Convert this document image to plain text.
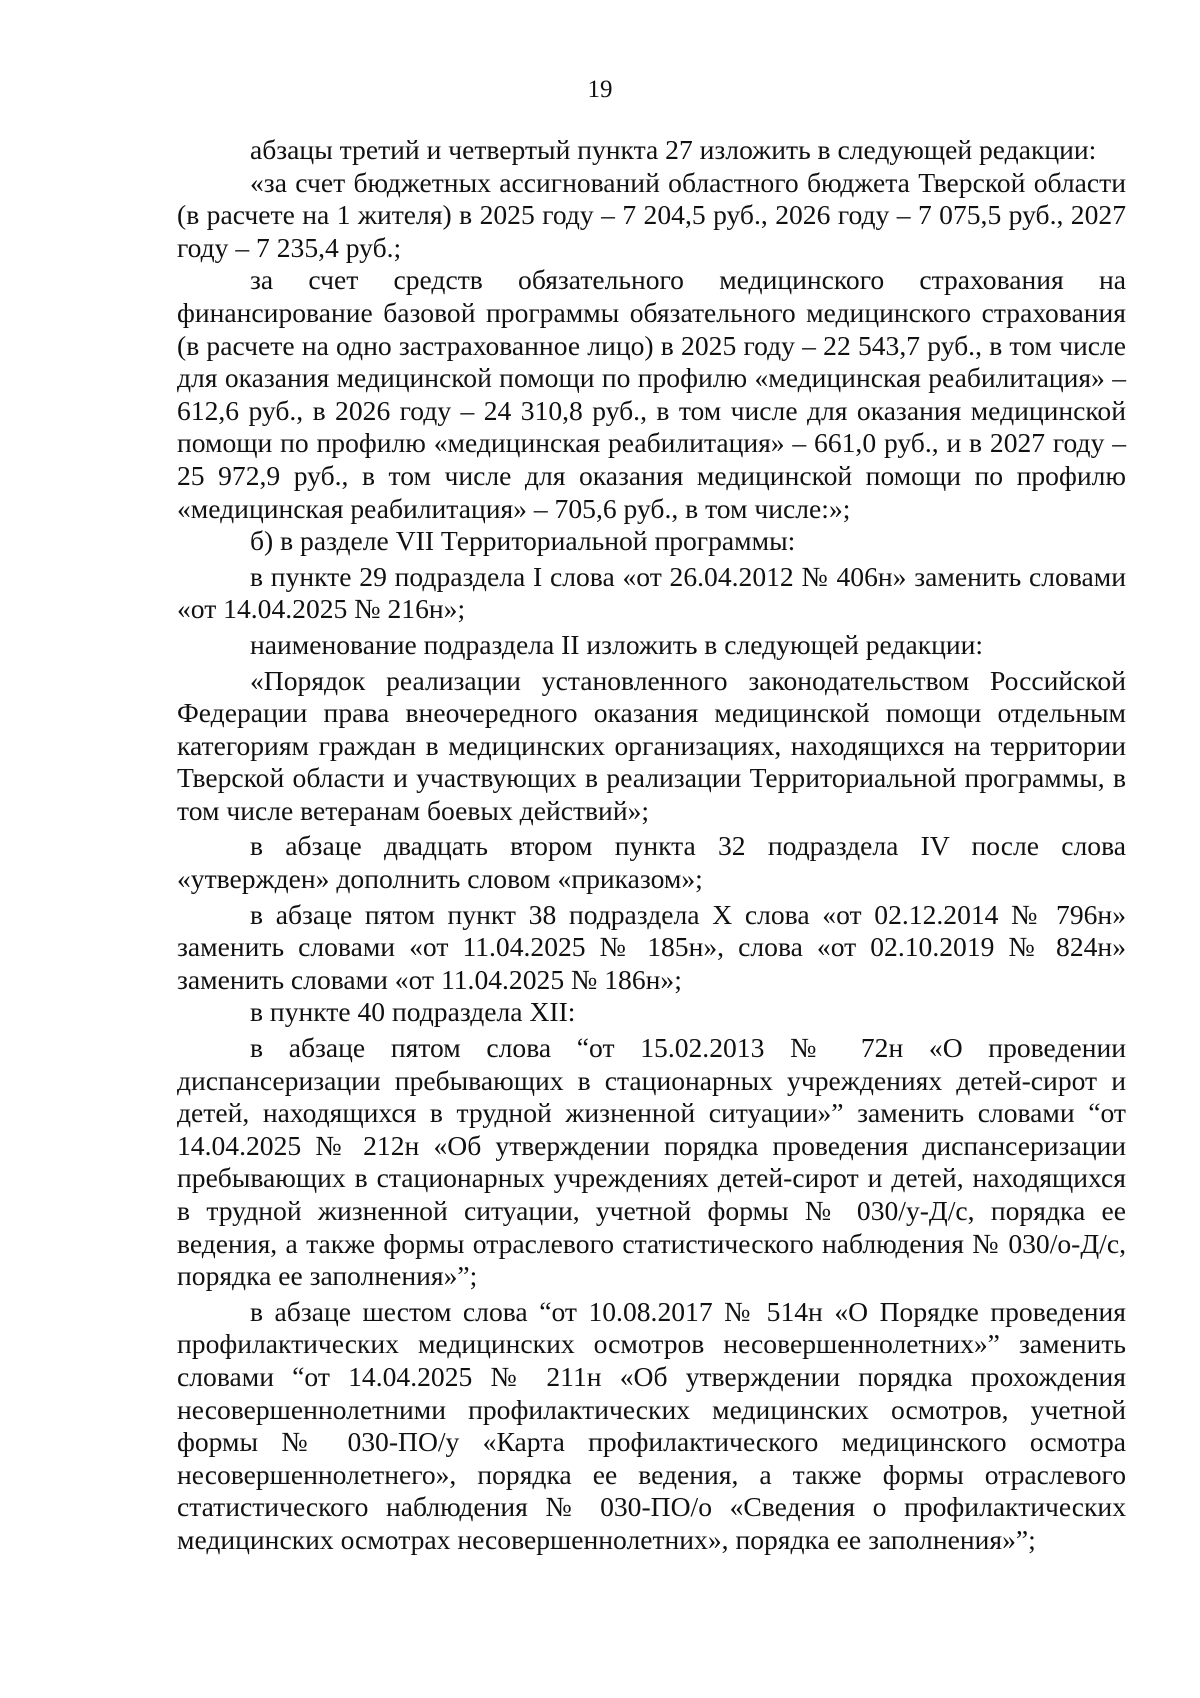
19

абзацы третий и четвертый пункта 27 изложить в следующей редакции:

«за счет бюджетных ассигнований областного бюджета Тверской области (в расчете на 1 жителя) в 2025 году – 7 204,5 руб., 2026 году – 7 075,5 руб., 2027 году – 7 235,4 руб.;

за счет средств обязательного медицинского страхования на финансирование базовой программы обязательного медицинского страхования (в расчете на одно застрахованное лицо) в 2025 году – 22 543,7 руб., в том числе для оказания медицинской помощи по профилю «медицинская реабилитация» – 612,6 руб., в 2026 году – 24 310,8 руб., в том числе для оказания медицинской помощи по профилю «медицинская реабилитация» – 661,0 руб., и в 2027 году – 25 972,9 руб., в том числе для оказания медицинской помощи по профилю «медицинская реабилитация» – 705,6 руб., в том числе:»;

б) в разделе VII Территориальной программы:

в пункте 29 подраздела I слова «от 26.04.2012 № 406н» заменить словами «от 14.04.2025 № 216н»;

наименование подраздела II изложить в следующей редакции:

«Порядок реализации установленного законодательством Российской Федерации права внеочередного оказания медицинской помощи отдельным категориям граждан в медицинских организациях, находящихся на территории Тверской области и участвующих в реализации Территориальной программы, в том числе ветеранам боевых действий»;

в абзаце двадцать втором пункта 32 подраздела IV после слова «утвержден» дополнить словом «приказом»;

в абзаце пятом пункт 38 подраздела X слова «от 02.12.2014 № 796н» заменить словами «от 11.04.2025 № 185н», слова «от 02.10.2019 № 824н» заменить словами «от 11.04.2025 № 186н»;

в пункте 40 подраздела XII:

в абзаце пятом слова “от 15.02.2013 № 72н «О проведении диспансеризации пребывающих в стационарных учреждениях детей-сирот и детей, находящихся в трудной жизненной ситуации»” заменить словами “от 14.04.2025 № 212н «Об утверждении порядка проведения диспансеризации пребывающих в стационарных учреждениях детей-сирот и детей, находящихся в трудной жизненной ситуации, учетной формы № 030/у-Д/с, порядка ее ведения, а также формы отраслевого статистического наблюдения № 030/о-Д/с, порядка ее заполнения»”;

в абзаце шестом слова “от 10.08.2017 № 514н «О Порядке проведения профилактических медицинских осмотров несовершеннолетних»” заменить словами “от 14.04.2025 № 211н «Об утверждении порядка прохождения несовершеннолетними профилактических медицинских осмотров, учетной формы № 030-ПО/у «Карта профилактического медицинского осмотра несовершеннолетнего», порядка ее ведения, а также формы отраслевого статистического наблюдения № 030-ПО/о «Сведения о профилактических медицинских осмотрах несовершеннолетних», порядка ее заполнения»”;
